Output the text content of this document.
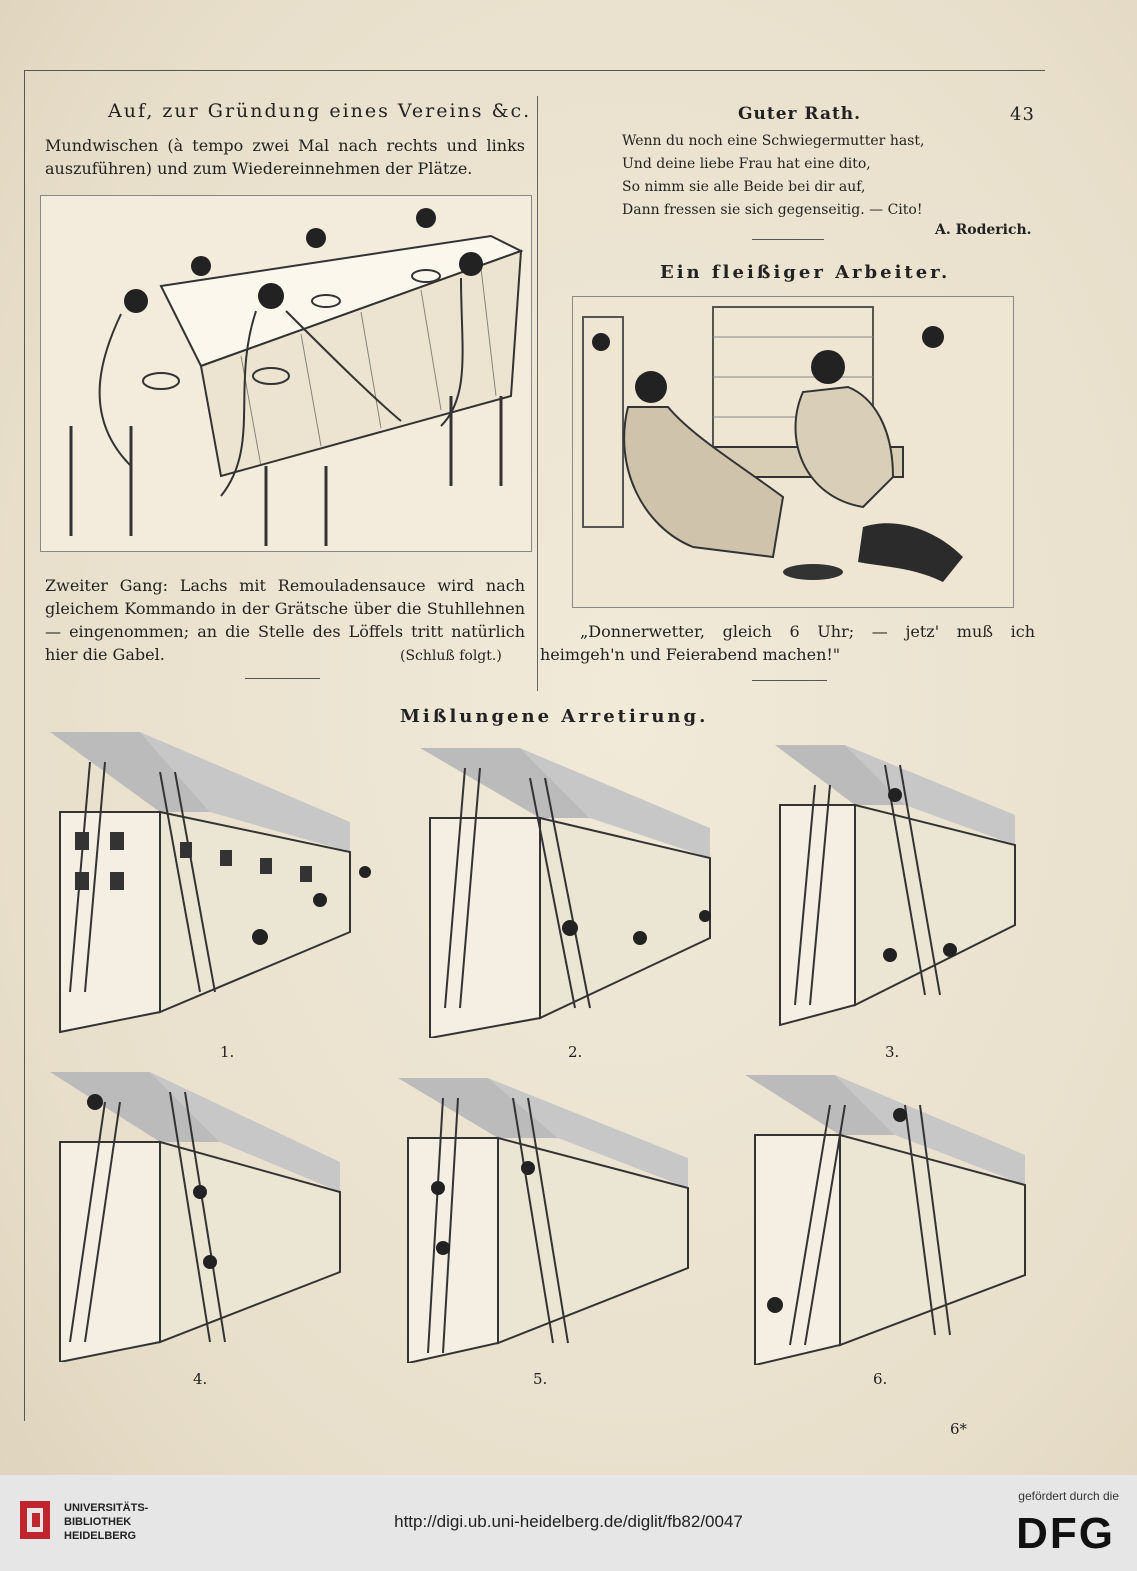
Auf, zur Gründung eines Vereins &c.
Mundwischen (à tempo zwei Mal nach rechts und links auszuführen) und zum Wiedereinnehmen der Plätze.
Zweiter Gang: Lachs mit Remouladensauce wird nach gleichem Kommando in der Grätsche über die Stuhllehnen — eingenommen; an die Stelle des Löffels tritt natürlich hier die Gabel.	(Schluß folgt.)
Guter Rath.	43
Wenn du noch eine Schwiegermutter hast,
Und deine liebe Frau hat eine dito,
So nimm sie alle Beide bei dir auf,
Dann fressen sie sich gegenseitig. — Cito!
A. Roderich.
Ein fleißiger Arbeiter.
„Donnerwetter, gleich 6 Uhr; — jetz' muß ich heimgeh'n und Feierabend machen!"
Mißlungene Arretirung.
1.	2.	3.
4.	5.	6.
6*
UNIVERSITÄTS-
BIBLIOTHEK
HEIDELBERG
http://digi.ub.uni-heidelberg.de/diglit/fb82/0047
gefördert durch die
DFG
